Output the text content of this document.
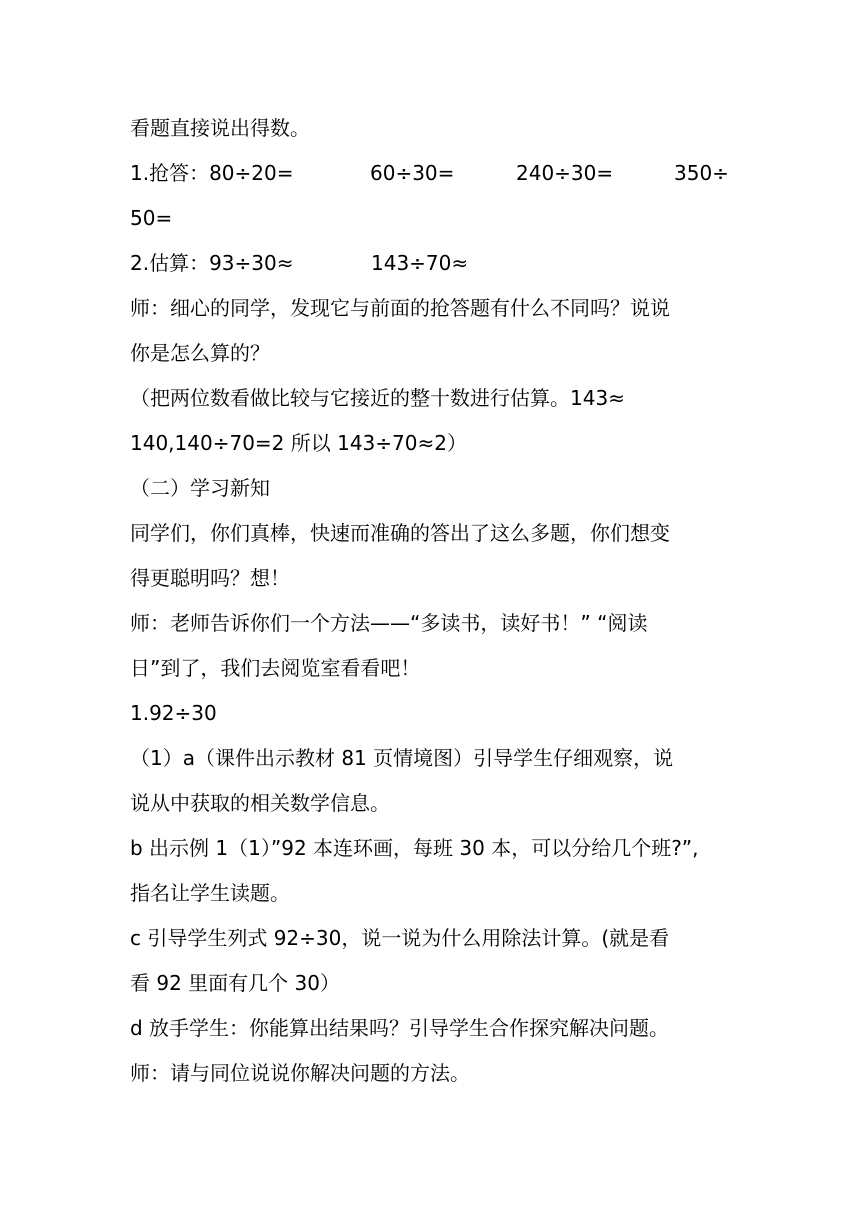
看题直接说出得数。
1.抢答：80÷20=	60÷30=	240÷30=	350÷
50=
2.估算：93÷30≈	143÷70≈
师：细心的同学，发现它与前面的抢答题有什么不同吗？说说
你是怎么算的？
（把两位数看做比较与它接近的整十数进行估算。143≈
140,140÷70=2 所以 143÷70≈2）
（二）学习新知
同学们，你们真棒，快速而准确的答出了这么多题，你们想变
得更聪明吗？想！
师：老师告诉你们一个方法——“多读书，读好书！” “阅读
日”到了，我们去阅览室看看吧！
1.92÷30
（1）a（课件出示教材 81 页情境图）引导学生仔细观察，说
说从中获取的相关数学信息。
b 出示例 1（1）”92 本连环画，每班 30 本，可以分给几个班?”,
指名让学生读题。
c 引导学生列式 92÷30，说一说为什么用除法计算。(就是看
看 92 里面有几个 30）
d 放手学生：你能算出结果吗？引导学生合作探究解决问题。
师：请与同位说说你解决问题的方法。
